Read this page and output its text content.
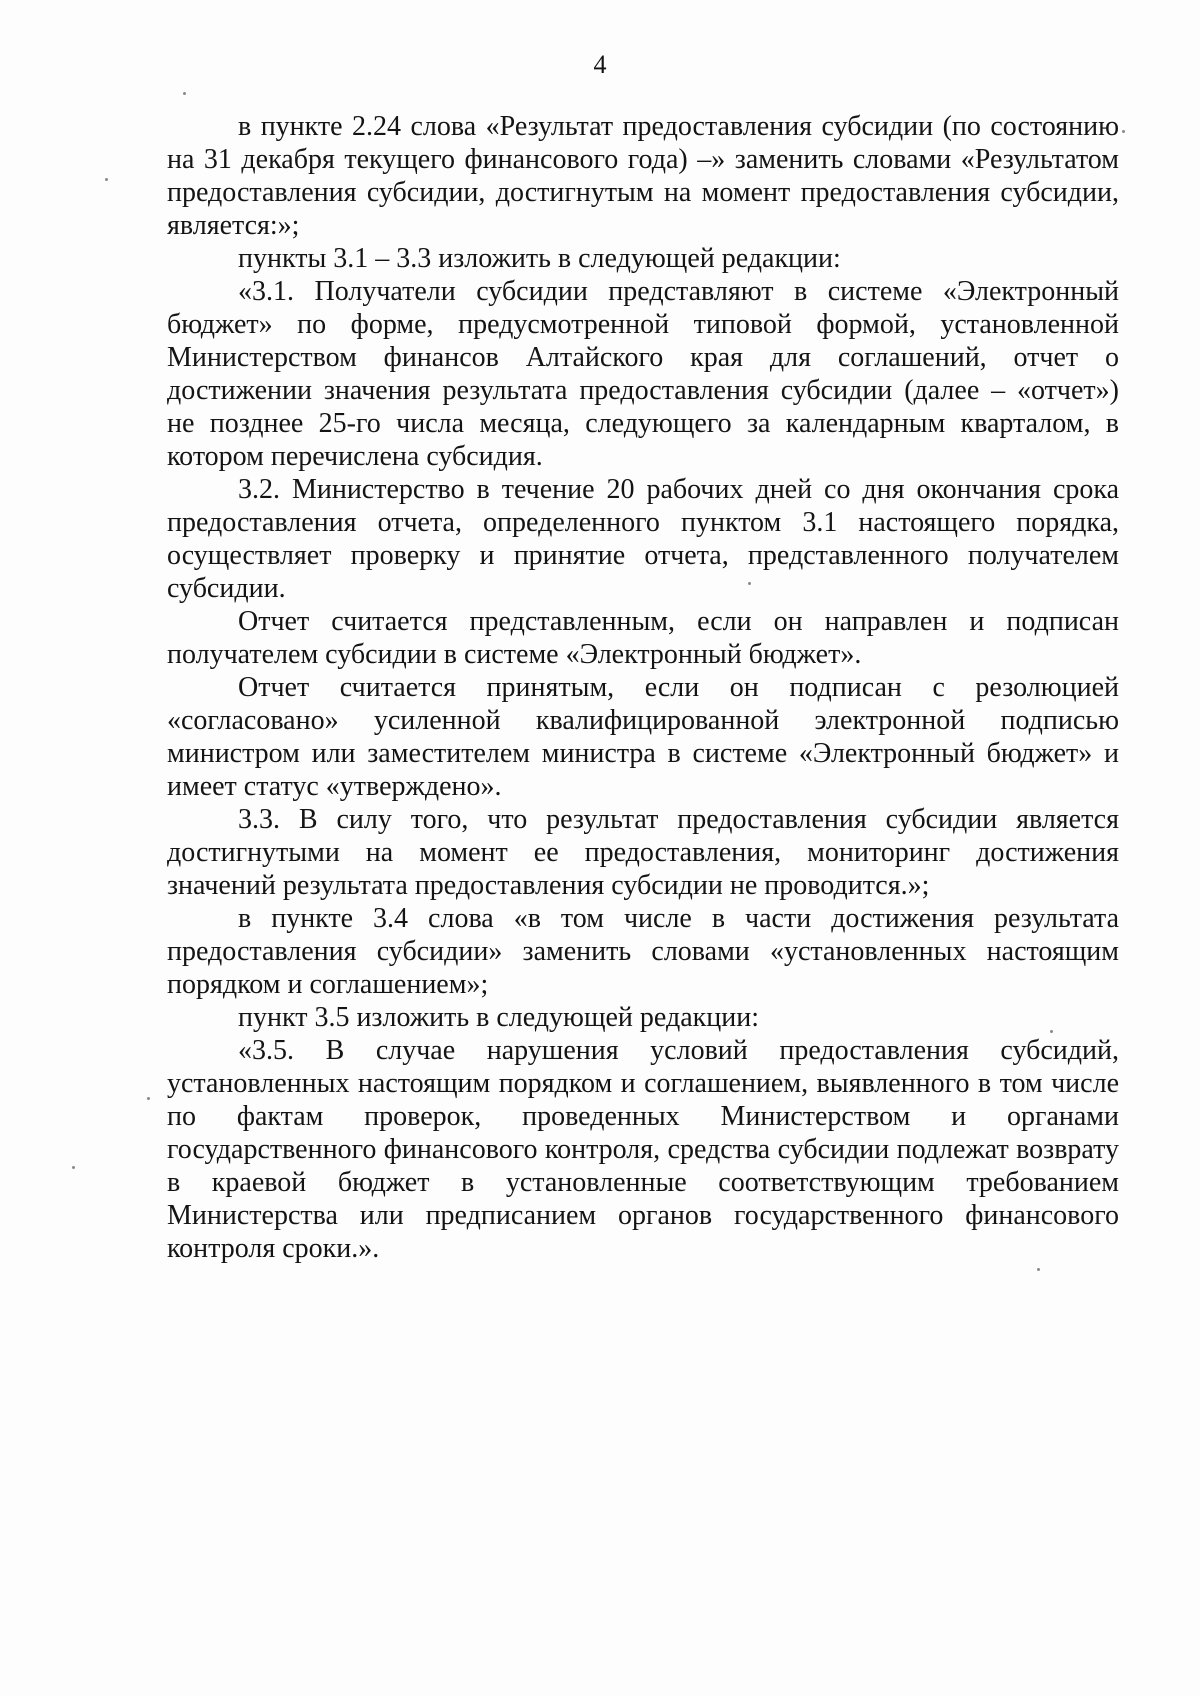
4

в пункте 2.24 слова «Результат предоставления субсидии (по состоянию на 31 декабря текущего финансового года) –» заменить словами «Результатом предоставления субсидии, достигнутым на момент предоставления субсидии, является:»;

пункты 3.1 – 3.3 изложить в следующей редакции:

«3.1. Получатели субсидии представляют в системе «Электронный бюджет» по форме, предусмотренной типовой формой, установленной Министерством финансов Алтайского края для соглашений, отчет о достижении значения результата предоставления субсидии (далее – «отчет») не позднее 25-го числа месяца, следующего за календарным кварталом, в котором перечислена субсидия.

3.2. Министерство в течение 20 рабочих дней со дня окончания срока предоставления отчета, определенного пунктом 3.1 настоящего порядка, осуществляет проверку и принятие отчета, представленного получателем субсидии.

Отчет считается представленным, если он направлен и подписан получателем субсидии в системе «Электронный бюджет».

Отчет считается принятым, если он подписан с резолюцией «согласовано» усиленной квалифицированной электронной подписью министром или заместителем министра в системе «Электронный бюджет» и имеет статус «утверждено».

3.3. В силу того, что результат предоставления субсидии является достигнутыми на момент ее предоставления, мониторинг достижения значений результата предоставления субсидии не проводится.»;

в пункте 3.4 слова «в том числе в части достижения результата предоставления субсидии» заменить словами «установленных настоящим порядком и соглашением»;

пункт 3.5 изложить в следующей редакции:

«3.5. В случае нарушения условий предоставления субсидий, установленных настоящим порядком и соглашением, выявленного в том числе по фактам проверок, проведенных Министерством и органами государственного финансового контроля, средства субсидии подлежат возврату в краевой бюджет в установленные соответствующим требованием Министерства или предписанием органов государственного финансового контроля сроки.».
